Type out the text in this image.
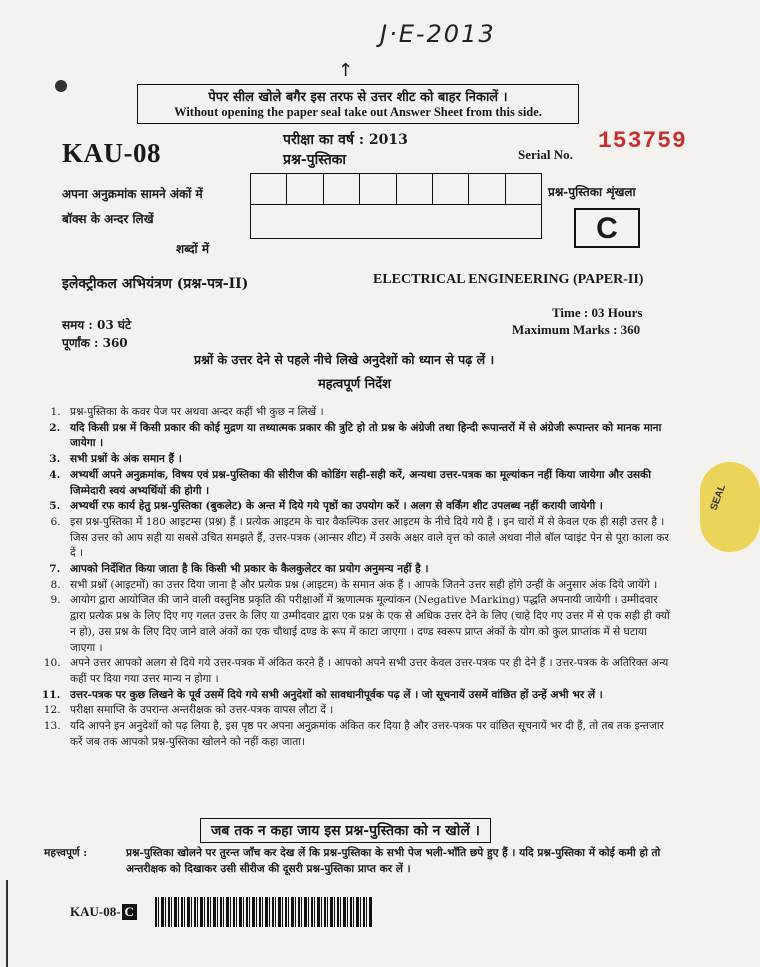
J·E-2013
↑
पेपर सील खोले बगैर इस तरफ से उत्तर शीट को बाहर निकालें ।
Without opening the paper seal take out Answer Sheet from this side.
परीक्षा का वर्ष : 2013
प्रश्न-पुस्तिका
KAU-08	Serial No.
153759
अपना अनुक्रमांक सामने अंकों में
बॉक्स के अन्दर लिखें
शब्दों में
प्रश्न-पुस्तिका शृंखला
C
इलेक्ट्रीकल अभियंत्रण (प्रश्न-पत्र-II)	ELECTRICAL ENGINEERING (PAPER-II)
समय : 03 घंटे
पूर्णांक : 360
Time : 03 Hours
Maximum Marks : 360
प्रश्नों के उत्तर देने से पहले नीचे लिखे अनुदेशों को ध्यान से पढ़ लें ।
महत्वपूर्ण निर्देश
1. प्रश्न-पुस्तिका के कवर पेज पर अथवा अन्दर कहीं भी कुछ न लिखें ।
2. यदि किसी प्रश्न में किसी प्रकार की कोई मुद्रण या तथ्यात्मक प्रकार की त्रुटि हो तो प्रश्न के अंग्रेजी तथा हिन्दी रूपान्तरों में से अंग्रेजी रूपान्तर को मानक माना जायेगा ।
3. सभी प्रश्नों के अंक समान हैं ।
4. अभ्यर्थी अपने अनुक्रमांक, विषय एवं प्रश्न-पुस्तिका की सीरीज की कोडिंग सही-सही करें, अन्यथा उत्तर-पत्रक का मूल्यांकन नहीं किया जायेगा और उसकी जिम्मेदारी स्वयं अभ्यर्थियों की होगी ।
5. अभ्यर्थी रफ कार्य हेतु प्रश्न-पुस्तिका (बुकलेट) के अन्त में दिये गये पृष्ठों का उपयोग करें । अलग से वर्किंग शीट उपलब्ध नहीं करायी जायेगी ।
6. इस प्रश्न-पुस्तिका में 180 आइटम्स (प्रश्न) हैं । प्रत्येक आइटम के चार वैकल्पिक उत्तर आइटम के नीचे दिये गये हैं । इन चारों में से केवल एक ही सही उत्तर है । जिस उत्तर को आप सही या सबसे उचित समझते हैं, उत्तर-पत्रक (आन्सर शीट) में उसके अक्षर वाले वृत्त को काले अथवा नीले बॉल प्वाइंट पेन से पूरा काला कर दें ।
7. आपको निर्देशित किया जाता है कि किसी भी प्रकार के कैलकुलेटर का प्रयोग अनुमन्य नहीं है ।
8. सभी प्रश्नों (आइटमों) का उत्तर दिया जाना है और प्रत्येक प्रश्न (आइटम) के समान अंक हैं । आपके जितने उत्तर सही होंगे उन्हीं के अनुसार अंक दिये जायेंगे ।
9. आयोग द्वारा आयोजित की जाने वाली वस्तुनिष्ठ प्रकृति की परीक्षाओं में ऋणात्मक मूल्यांकन (Negative Marking) पद्धति अपनायी जायेगी । उम्मीदवार द्वारा प्रत्येक प्रश्न के लिए दिए गए गलत उत्तर के लिए या उम्मीदवार द्वारा एक प्रश्न के एक से अधिक उत्तर देने के लिए (चाहे दिए गए उत्तर में से एक सही ही क्यों न हो), उस प्रश्न के लिए दिए जाने वाले अंकों का एक चौथाई दण्ड के रूप में काटा जाएगा । दण्ड स्वरूप प्राप्त अंकों के योग को कुल प्राप्तांक में से घटाया जाएगा ।
10. अपने उत्तर आपको अलग से दिये गये उत्तर-पत्रक में अंकित करने हैं । आपको अपने सभी उत्तर केवल उत्तर-पत्रक पर ही देने हैं । उत्तर-पत्रक के अतिरिक्त अन्य कहीं पर दिया गया उत्तर मान्य न होगा ।
11. उत्तर-पत्रक पर कुछ लिखने के पूर्व उसमें दिये गये सभी अनुदेशों को सावधानीपूर्वक पढ़ लें । जो सूचनायें उसमें वांछित हों उन्हें अभी भर लें ।
12. परीक्षा समाप्ति के उपरान्त अन्तरीक्षक को उत्तर-पत्रक वापस लौटा दें ।
13. यदि आपने इन अनुदेशों को पढ़ लिया है, इस पृष्ठ पर अपना अनुक्रमांक अंकित कर दिया है और उत्तर-पत्रक पर वांछित सूचनायें भर दी हैं, तो तब तक इन्तजार करें जब तक आपको प्रश्न-पुस्तिका खोलने को नहीं कहा जाता।
जब तक न कहा जाय इस प्रश्न-पुस्तिका को न खोलें ।
महत्त्वपूर्ण :	प्रश्न-पुस्तिका खोलने पर तुरन्त जाँच कर देख लें कि प्रश्न-पुस्तिका के सभी पेज भली-भाँति छपे हुए हैं । यदि प्रश्न-पुस्तिका में कोई कमी हो तो अन्तरीक्षक को दिखाकर उसी सीरीज की दूसरी प्रश्न-पुस्तिका प्राप्त कर लें ।
KAU-08- C
SEAL
